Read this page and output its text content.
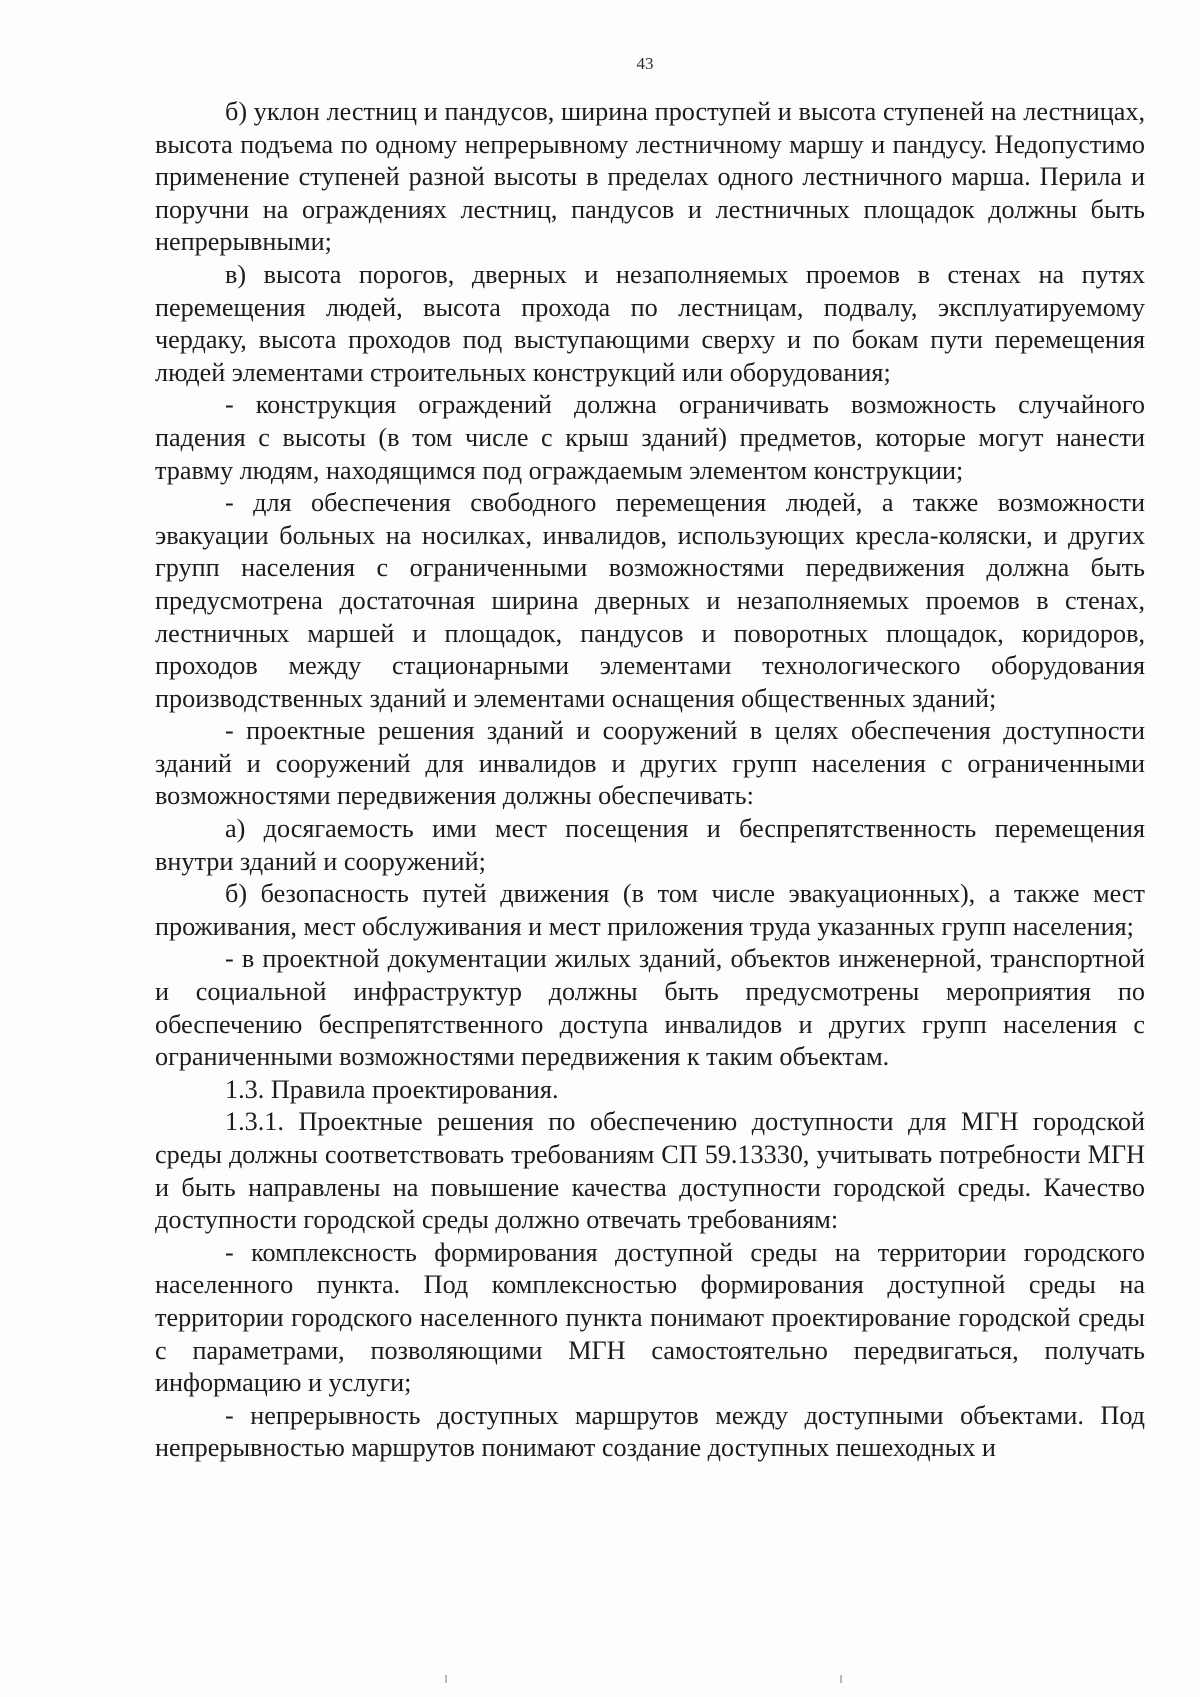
43

б) уклон лестниц и пандусов, ширина проступей и высота ступеней на лестницах, высота подъема по одному непрерывному лестничному маршу и пандусу. Недопустимо применение ступеней разной высоты в пределах одного лестничного марша. Перила и поручни на ограждениях лестниц, пандусов и лестничных площадок должны быть непрерывными;

в) высота порогов, дверных и незаполняемых проемов в стенах на путях перемещения людей, высота прохода по лестницам, подвалу, эксплуатируемому чердаку, высота проходов под выступающими сверху и по бокам пути перемещения людей элементами строительных конструкций или оборудования;

- конструкция ограждений должна ограничивать возможность случайного падения с высоты (в том числе с крыш зданий) предметов, которые могут нанести травму людям, находящимся под ограждаемым элементом конструкции;

- для обеспечения свободного перемещения людей, а также возможности эвакуации больных на носилках, инвалидов, использующих кресла-коляски, и других групп населения с ограниченными возможностями передвижения должна быть предусмотрена достаточная ширина дверных и незаполняемых проемов в стенах, лестничных маршей и площадок, пандусов и поворотных площадок, коридоров, проходов между стационарными элементами технологического оборудования производственных зданий и элементами оснащения общественных зданий;

- проектные решения зданий и сооружений в целях обеспечения доступности зданий и сооружений для инвалидов и других групп населения с ограниченными возможностями передвижения должны обеспечивать:

а) досягаемость ими мест посещения и беспрепятственность перемещения внутри зданий и сооружений;

б) безопасность путей движения (в том числе эвакуационных), а также мест проживания, мест обслуживания и мест приложения труда указанных групп населения;

- в проектной документации жилых зданий, объектов инженерной, транспортной и социальной инфраструктур должны быть предусмотрены мероприятия по обеспечению беспрепятственного доступа инвалидов и других групп населения с ограниченными возможностями передвижения к таким объектам.

1.3. Правила проектирования.

1.3.1. Проектные решения по обеспечению доступности для МГН городской среды должны соответствовать требованиям СП 59.13330, учитывать потребности МГН и быть направлены на повышение качества доступности городской среды. Качество доступности городской среды должно отвечать требованиям:

- комплексность формирования доступной среды на территории городского населенного пункта. Под комплексностью формирования доступной среды на территории городского населенного пункта понимают проектирование городской среды с параметрами, позволяющими МГН самостоятельно передвигаться, получать информацию и услуги;

- непрерывность доступных маршрутов между доступными объектами. Под непрерывностью маршрутов понимают создание доступных пешеходных и
